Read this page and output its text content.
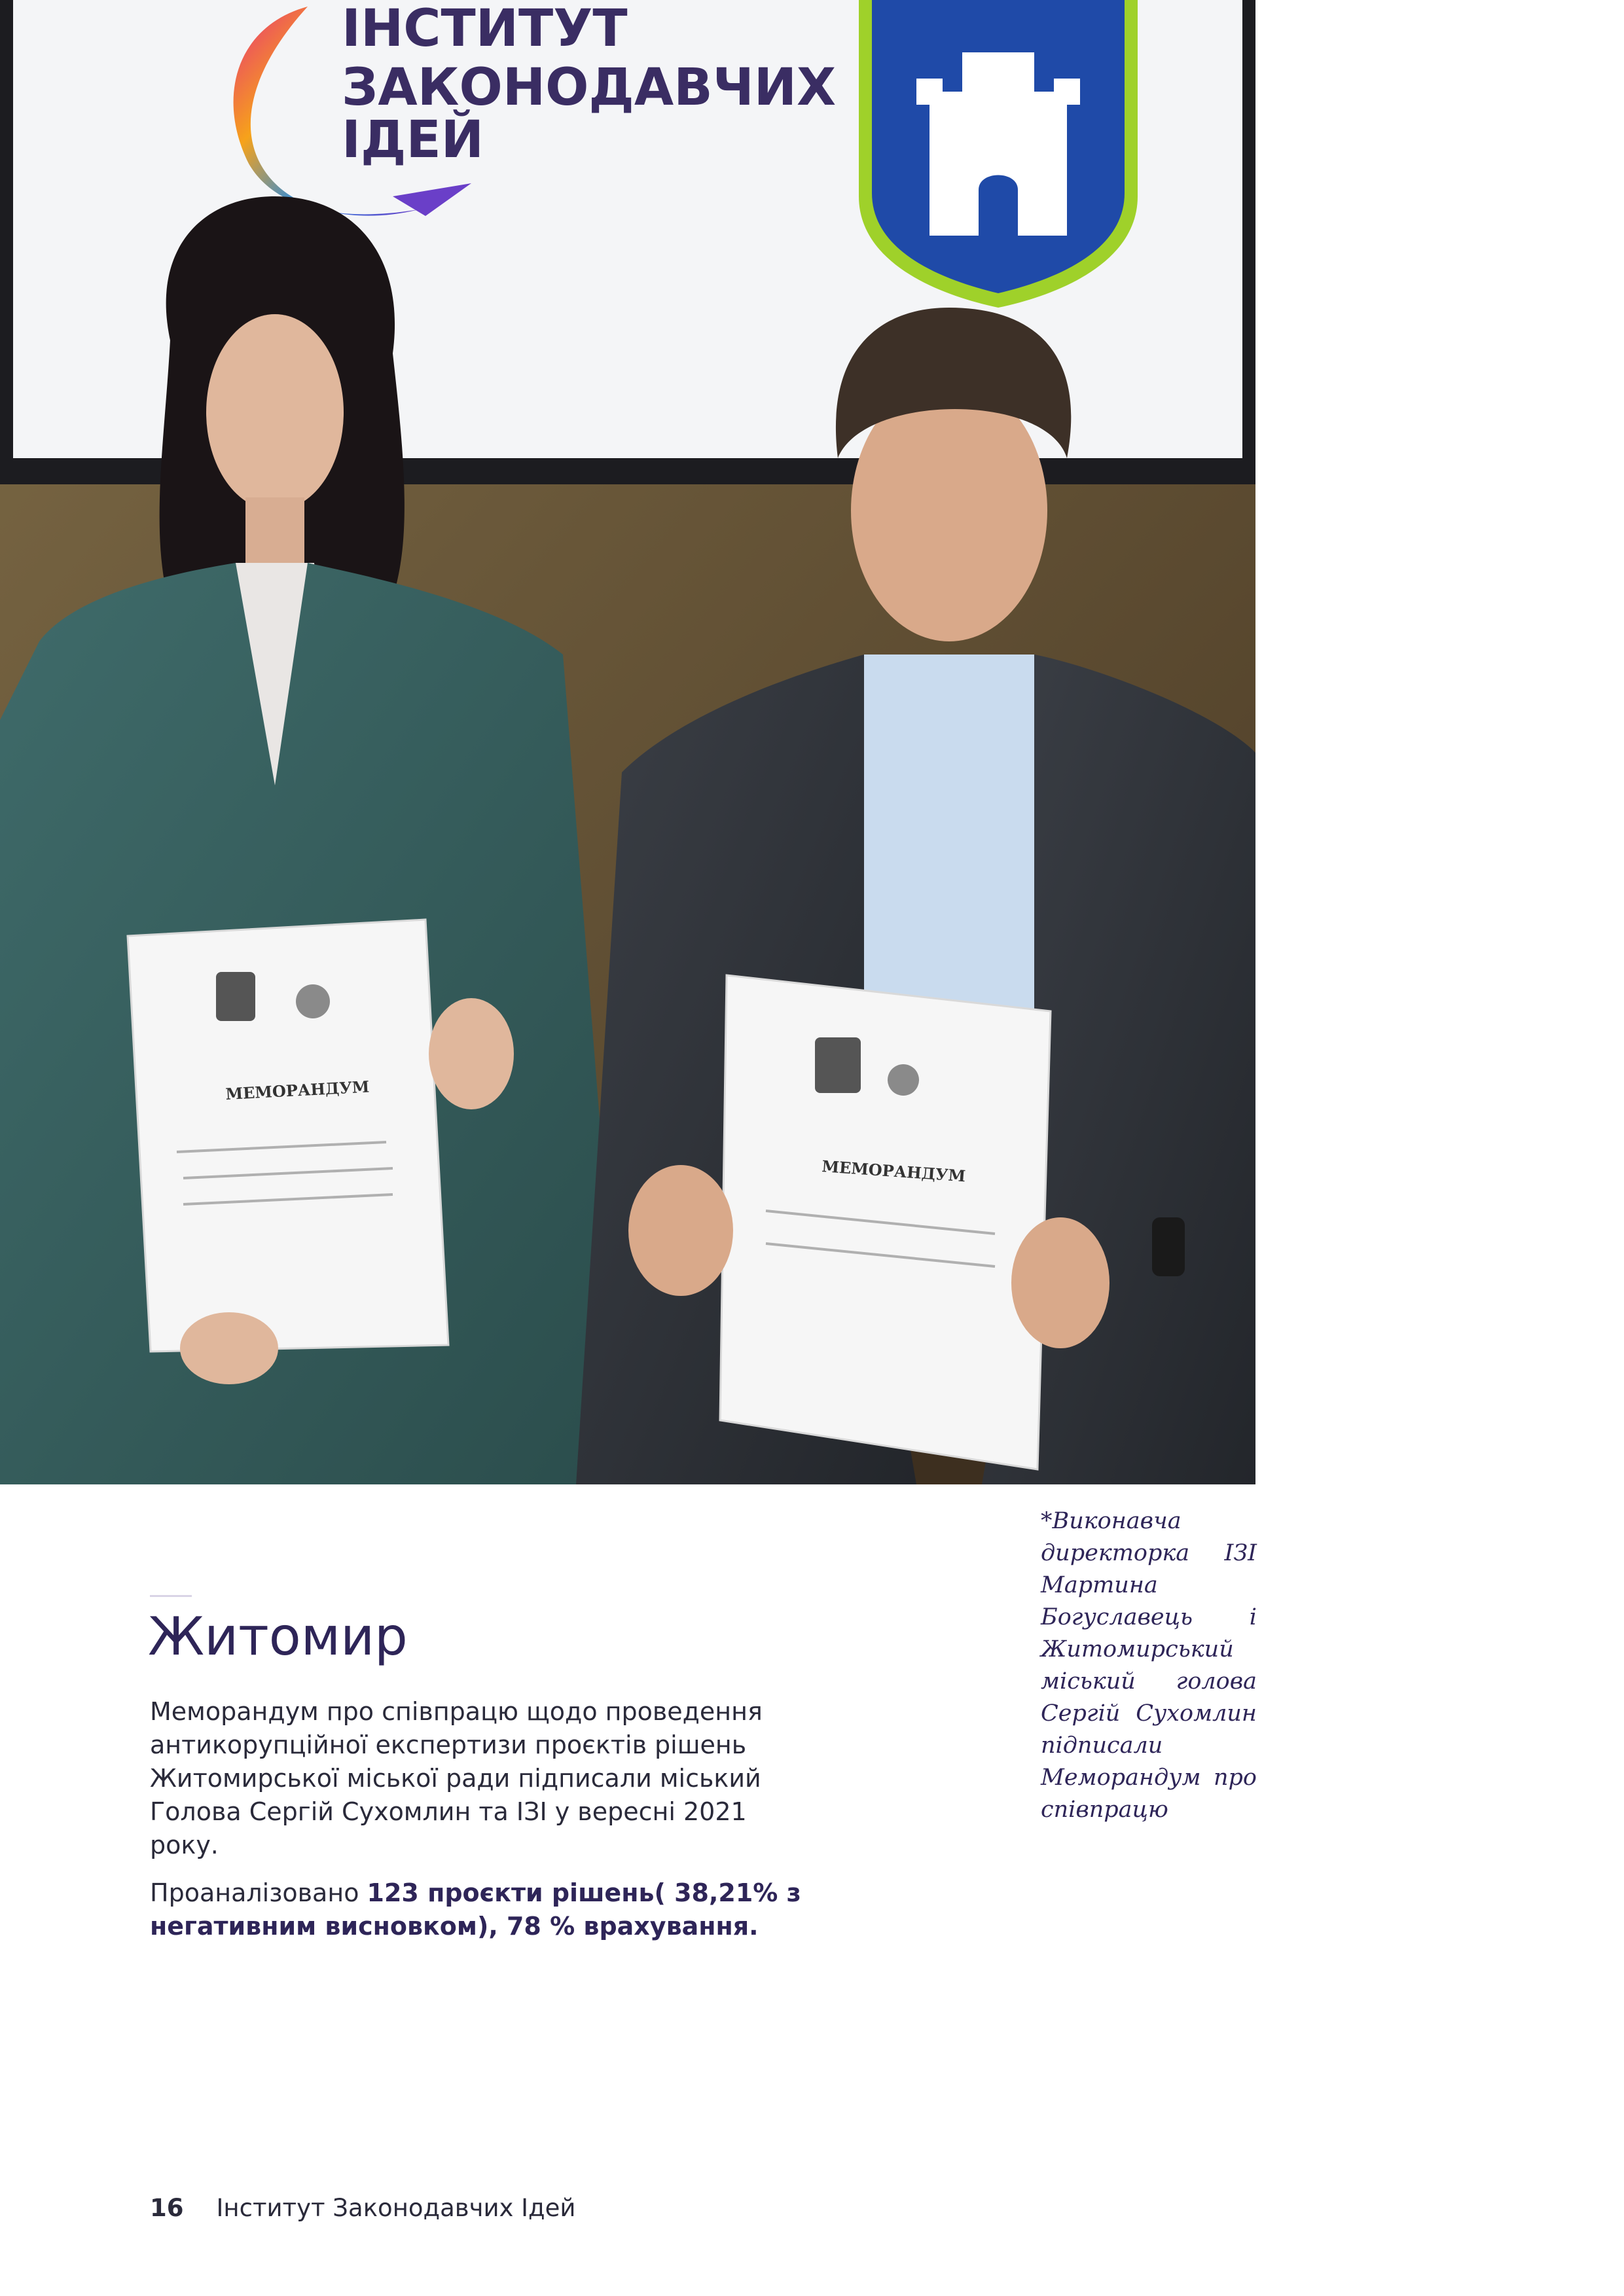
ІНСТИТУТ
ЗАКОНОДАВЧИХ
ІДЕЙ
МЕМОРАНДУМ
МЕМОРАНДУМ
*Виконавча директорка ІЗІ Мартина Богуславець і Житомирський міський голова Сергій Сухомлин підписали Меморандум про співпрацю
Житомир

Меморандум про співпрацю щодо проведення антикорупційної експертизи проєктів рішень Житомирської міської ради підписали міський Голова Сергій Сухомлин та ІЗІ у вересні 2021 року.

Проаналізовано 123 проєкти рішень( 38,21% з негативним висновком), 78 % врахування.

16 Інститут Законодавчих Ідей
